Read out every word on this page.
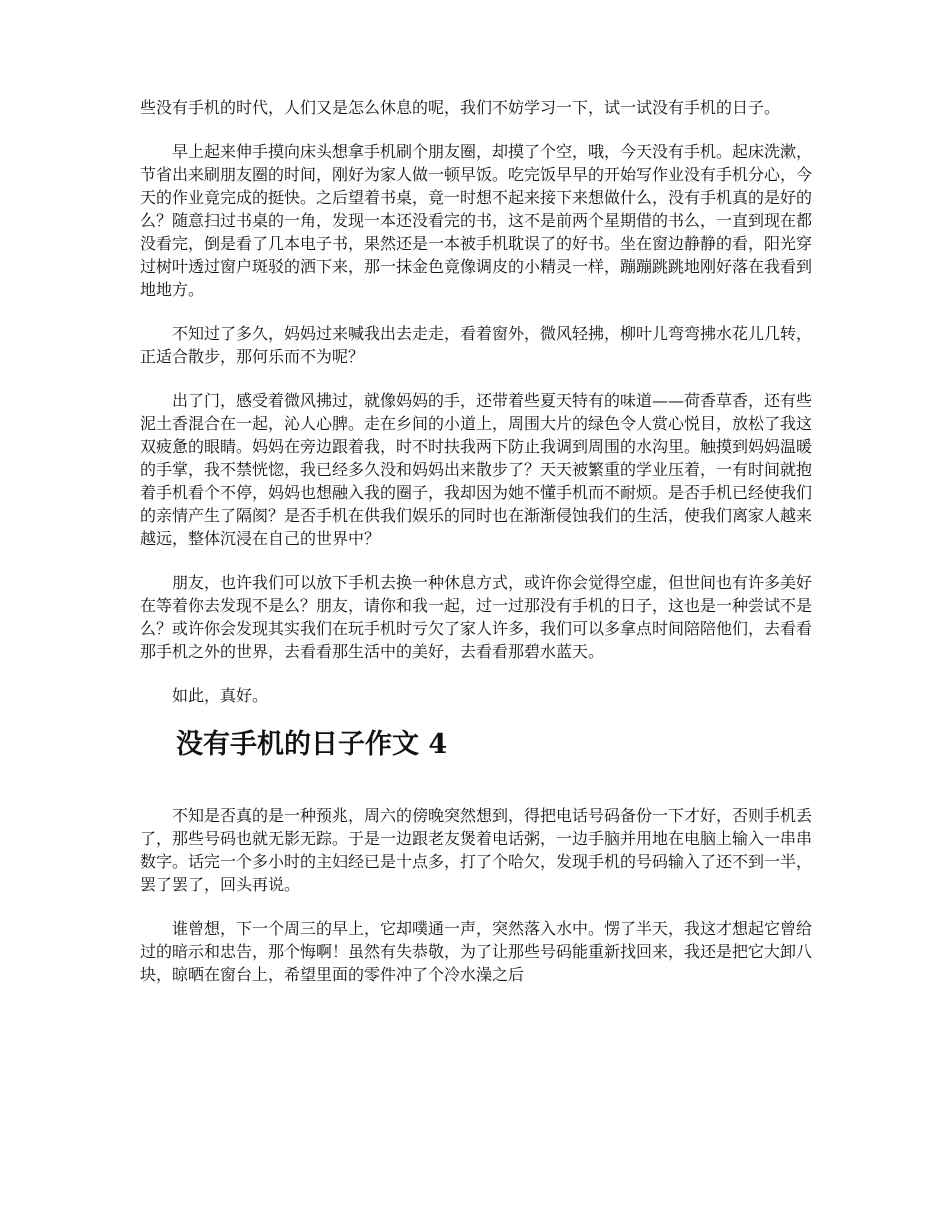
些没有手机的时代，人们又是怎么休息的呢，我们不妨学习一下，试一试没有手机的日子。

早上起来伸手摸向床头想拿手机刷个朋友圈，却摸了个空，哦，今天没有手机。起床洗漱，节省出来刷朋友圈的时间，刚好为家人做一顿早饭。吃完饭早早的开始写作业没有手机分心，今天的作业竟完成的挺快。之后望着书桌，竟一时想不起来接下来想做什么，没有手机真的是好的么？随意扫过书桌的一角，发现一本还没看完的书，这不是前两个星期借的书么，一直到现在都没看完，倒是看了几本电子书，果然还是一本被手机耽误了的好书。坐在窗边静静的看，阳光穿过树叶透过窗户斑驳的洒下来，那一抹金色竟像调皮的小精灵一样，蹦蹦跳跳地刚好落在我看到地地方。

不知过了多久，妈妈过来喊我出去走走，看着窗外，微风轻拂，柳叶儿弯弯拂水花儿几转，正适合散步，那何乐而不为呢？

出了门，感受着微风拂过，就像妈妈的手，还带着些夏天特有的味道——荷香草香，还有些泥土香混合在一起，沁人心脾。走在乡间的小道上，周围大片的绿色令人赏心悦目，放松了我这双疲惫的眼睛。妈妈在旁边跟着我，时不时扶我两下防止我调到周围的水沟里。触摸到妈妈温暖的手掌，我不禁恍惚，我已经多久没和妈妈出来散步了？天天被繁重的学业压着，一有时间就抱着手机看个不停，妈妈也想融入我的圈子，我却因为她不懂手机而不耐烦。是否手机已经使我们的亲情产生了隔阂？是否手机在供我们娱乐的同时也在渐渐侵蚀我们的生活，使我们离家人越来越远，整体沉浸在自己的世界中？

朋友，也许我们可以放下手机去换一种休息方式，或许你会觉得空虚，但世间也有许多美好在等着你去发现不是么？朋友，请你和我一起，过一过那没有手机的日子，这也是一种尝试不是么？或许你会发现其实我们在玩手机时亏欠了家人许多，我们可以多拿点时间陪陪他们，去看看那手机之外的世界，去看看那生活中的美好，去看看那碧水蓝天。

如此，真好。

没有手机的日子作文 4

不知是否真的是一种预兆，周六的傍晚突然想到，得把电话号码备份一下才好，否则手机丢了，那些号码也就无影无踪。于是一边跟老友煲着电话粥，一边手脑并用地在电脑上输入一串串数字。话完一个多小时的主妇经已是十点多，打了个哈欠，发现手机的号码输入了还不到一半，罢了罢了，回头再说。

谁曾想，下一个周三的早上，它却噗通一声，突然落入水中。愣了半天，我这才想起它曾给过的暗示和忠告，那个悔啊！虽然有失恭敬，为了让那些号码能重新找回来，我还是把它大卸八块，晾晒在窗台上，希望里面的零件冲了个冷水澡之后
